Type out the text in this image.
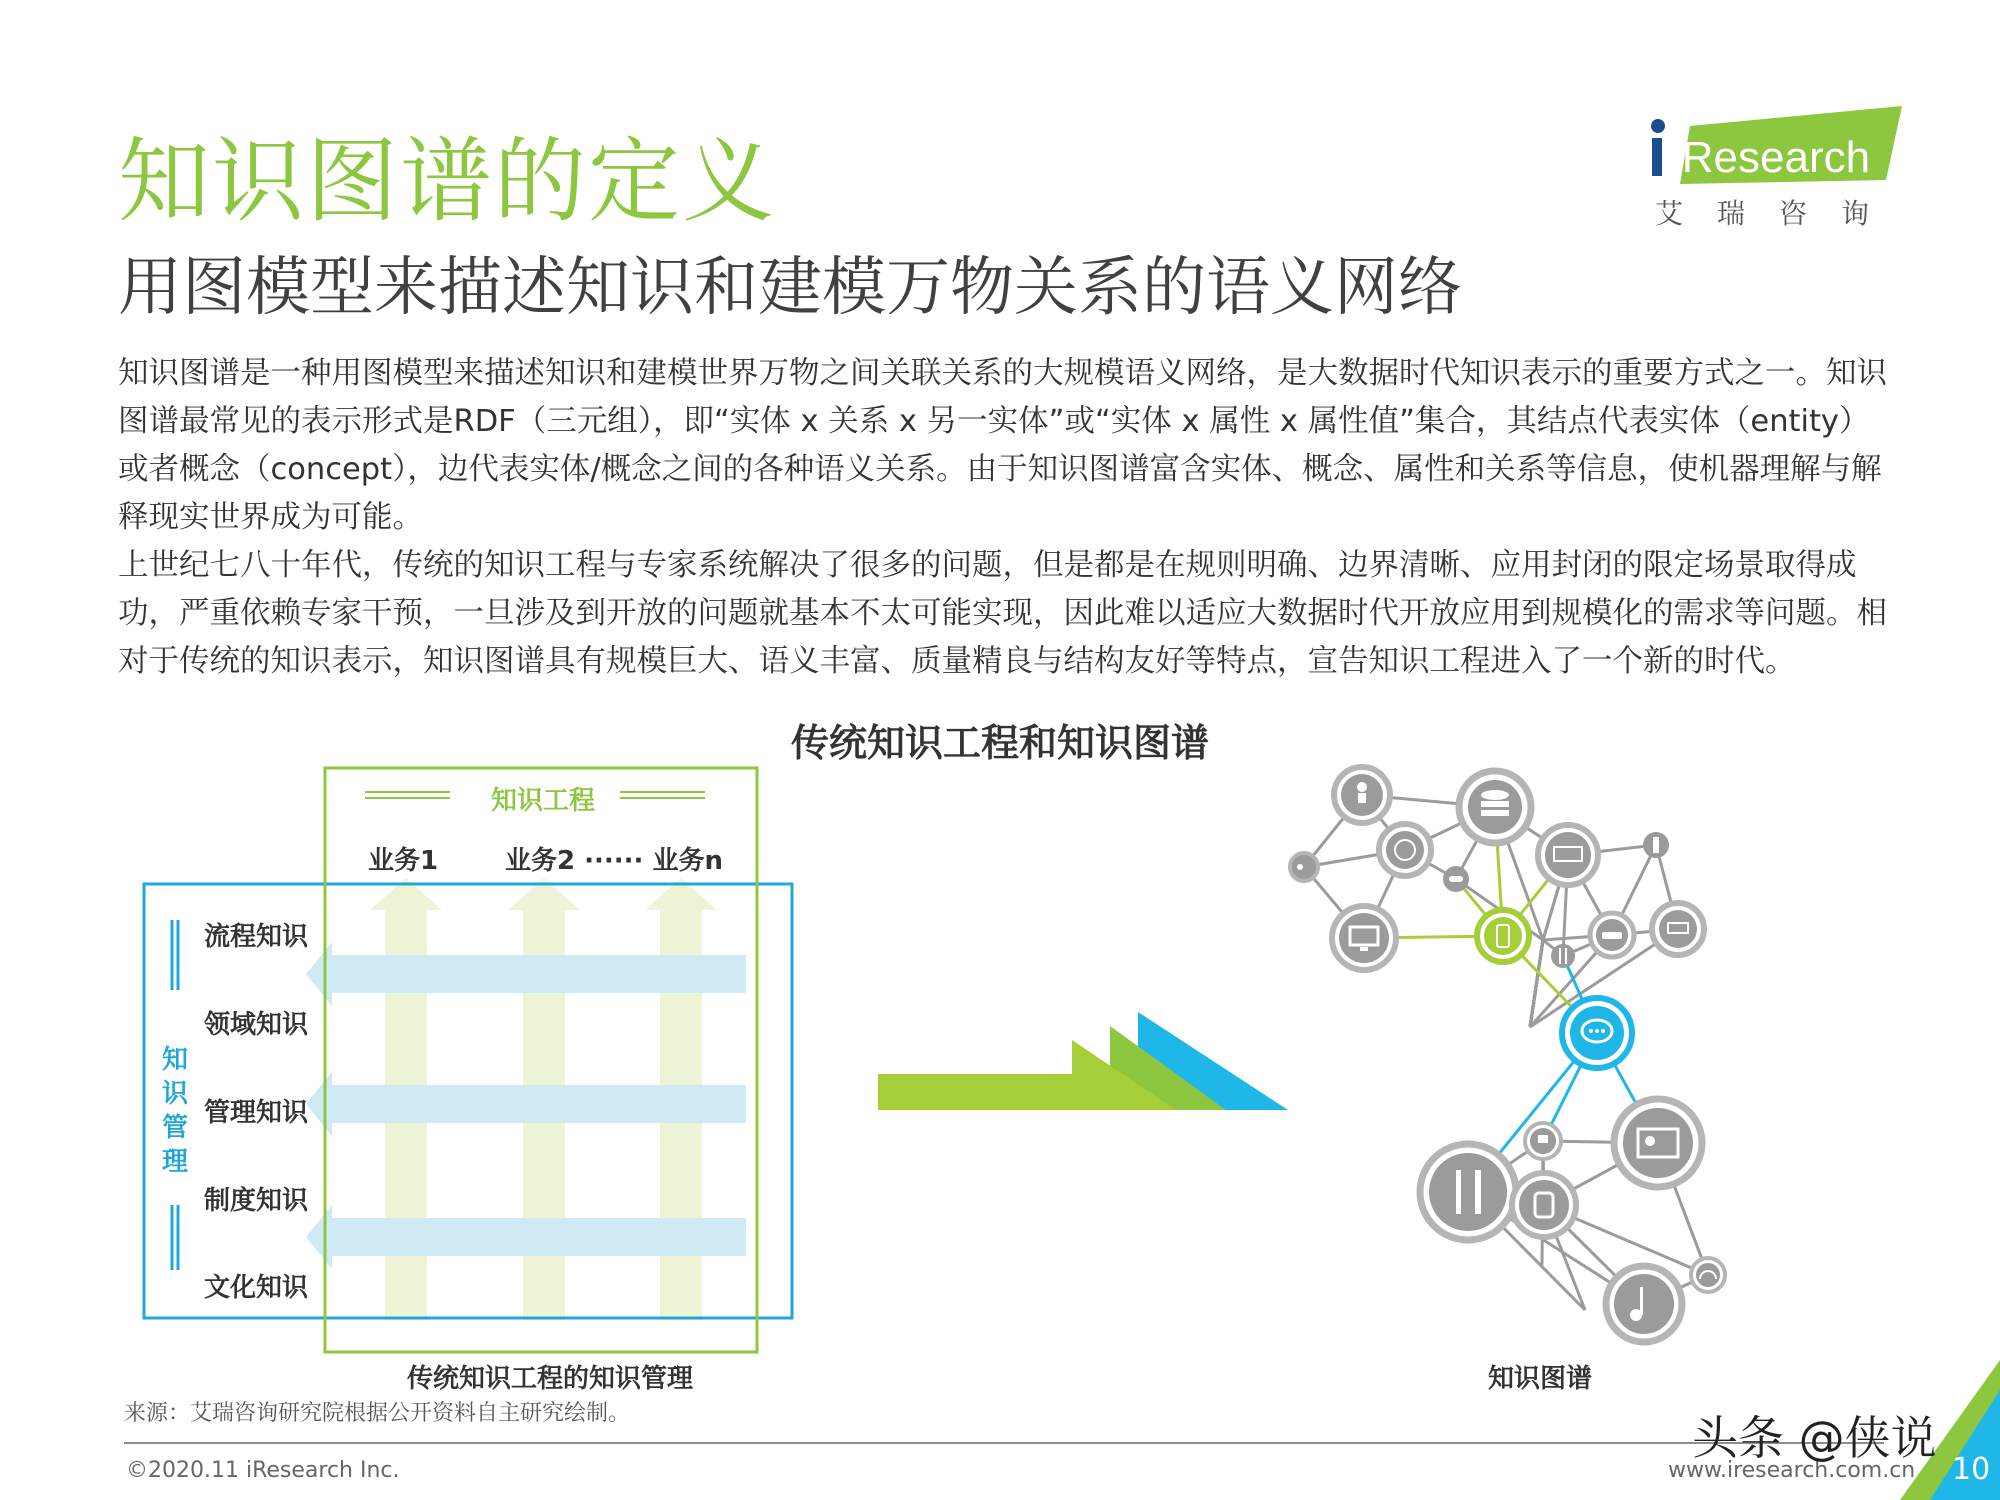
知识图谱的定义
用图模型来描述知识和建模万物关系的语义网络
iResearch
艾瑞咨询

知识图谱是一种用图模型来描述知识和建模世界万物之间关联关系的大规模语义网络，是大数据时代知识表示的重要方式之一。知识图谱最常见的表示形式是RDF（三元组），即“实体 x 关系 x 另一实体”或“实体 x 属性 x 属性值”集合，其结点代表实体（entity）或者概念（concept），边代表实体/概念之间的各种语义关系。由于知识图谱富含实体、概念、属性和关系等信息，使机器理解与解释现实世界成为可能。

上世纪七八十年代，传统的知识工程与专家系统解决了很多的问题，但是都是在规则明确、边界清晰、应用封闭的限定场景取得成功，严重依赖专家干预，一旦涉及到开放的问题就基本不太可能实现，因此难以适应大数据时代开放应用到规模化的需求等问题。相对于传统的知识表示，知识图谱具有规模巨大、语义丰富、质量精良与结构友好等特点，宣告知识工程进入了一个新的时代。

传统知识工程和知识图谱
知识工程
业务1	业务2 ······ 业务n
流程知识
领域知识
管理知识
制度知识
文化知识
知
识
管
理
传统知识工程的知识管理	知识图谱
来源：艾瑞咨询研究院根据公开资料自主研究绘制。
©2020.11 iResearch Inc.	www.iresearch.com.cn 10
头条 @侠说
